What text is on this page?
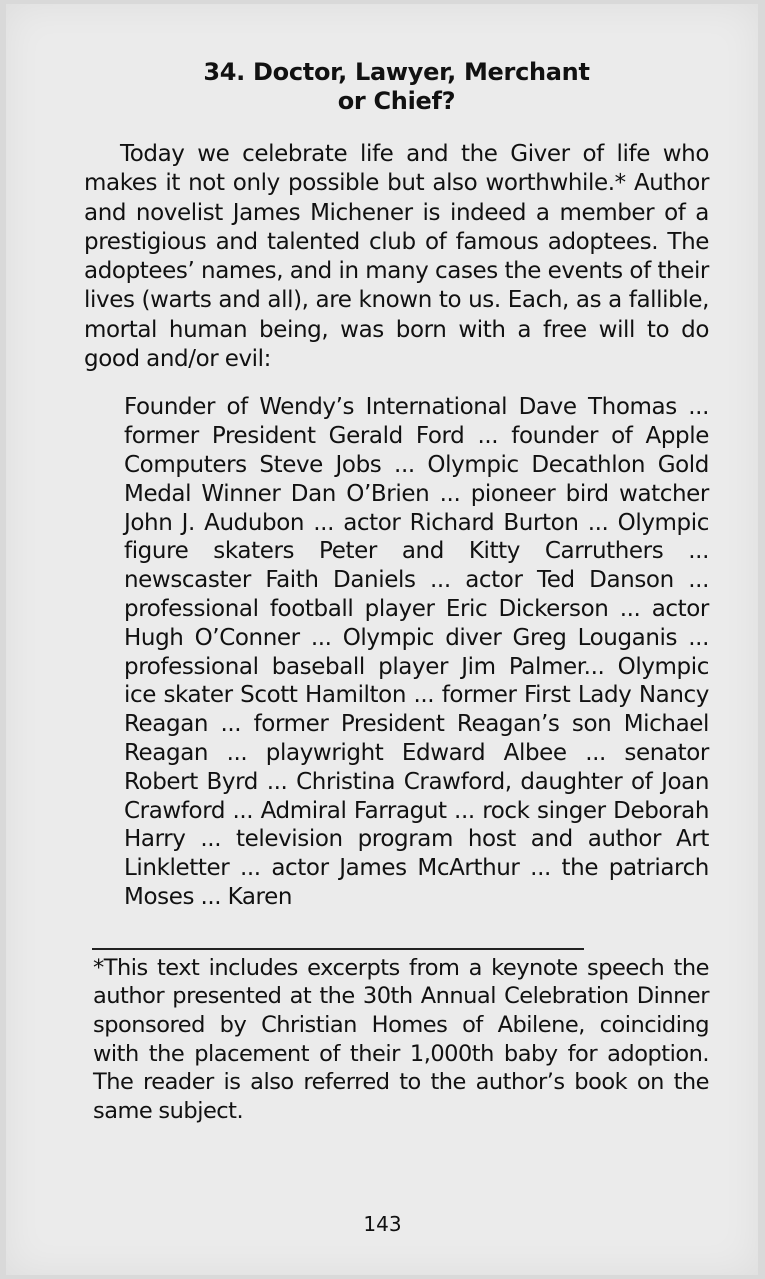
34. Doctor, Lawyer, Merchant
or Chief?

Today we celebrate life and the Giver of life who makes it not only possible but also worthwhile.* Author and novelist James Michener is indeed a member of a prestigious and talented club of famous adoptees. The adoptees’ names, and in many cases the events of their lives (warts and all), are known to us. Each, as a fallible, mortal human being, was born with a free will to do good and/or evil:

Founder of Wendy’s International Dave Thomas ... former President Gerald Ford ... founder of Apple Computers Steve Jobs ... Olympic Decathlon Gold Medal Winner Dan O’Brien ... pioneer bird watcher John J. Audubon ... actor Richard Burton ... Olympic figure skaters Peter and Kitty Carruthers ... newscaster Faith Daniels ... actor Ted Danson ... professional football player Eric Dickerson ... actor Hugh O’Conner ... Olympic diver Greg Louganis ... professional baseball player Jim Palmer... Olympic ice skater Scott Hamilton ... former First Lady Nancy Reagan ... former President Reagan’s son Michael Reagan ... playwright Edward Albee ... senator Robert Byrd ... Christina Crawford, daughter of Joan Crawford ... Admiral Farragut ... rock singer Deborah Harry ... television program host and author Art Linkletter ... actor James McArthur ... the patriarch Moses ... Karen

*This text includes excerpts from a keynote speech the author presented at the 30th Annual Celebration Dinner sponsored by Christian Homes of Abilene, coinciding with the placement of their 1,000th baby for adoption. The reader is also referred to the author’s book on the same subject.

143
